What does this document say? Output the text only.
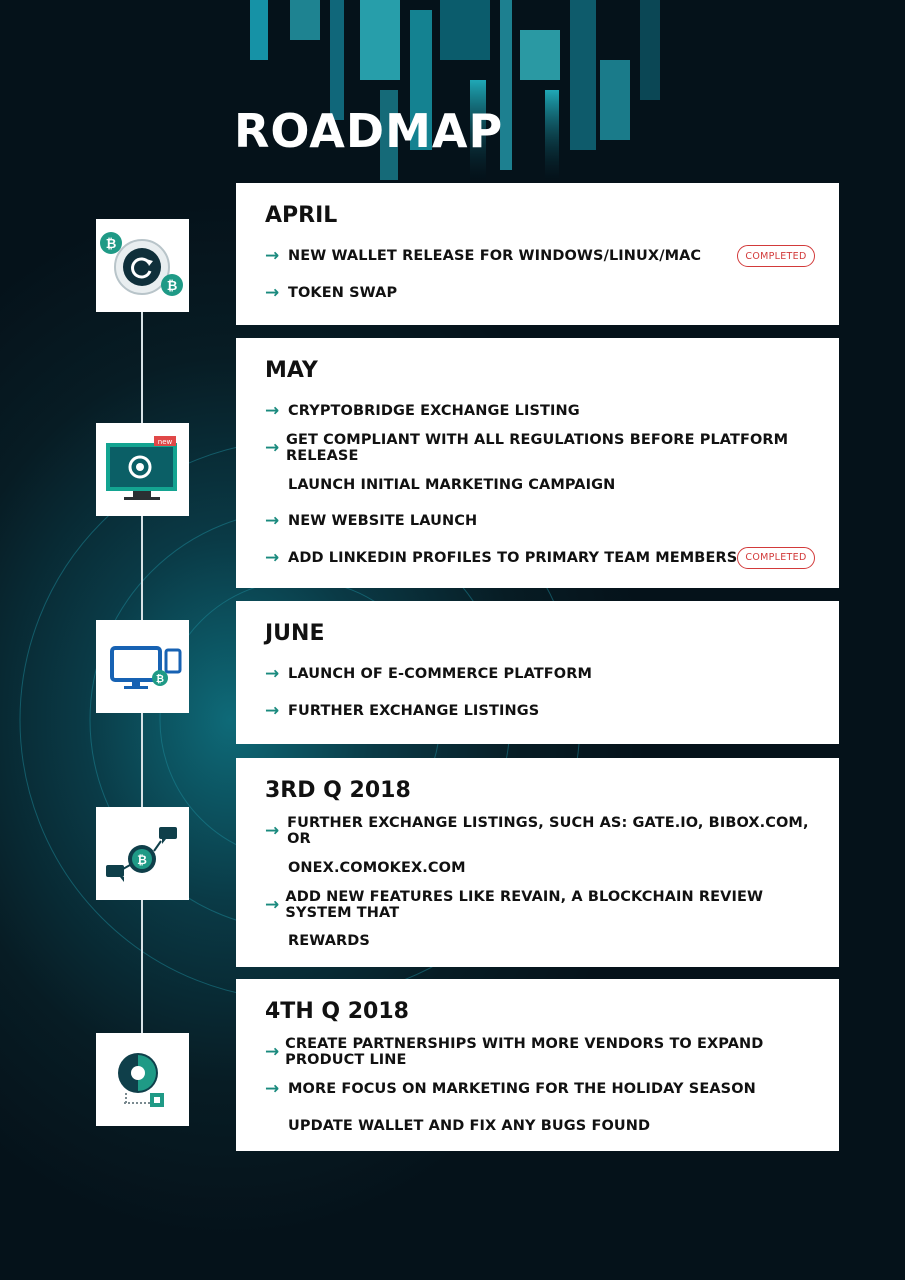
ROADMAP
₿
₿
new
₿
₿
APRIL
→ NEW WALLET RELEASE FOR WINDOWS/LINUX/MAC	COMPLETED
→ TOKEN SWAP
MAY
→ CRYPTOBRIDGE EXCHANGE LISTING
→ GET COMPLIANT WITH ALL REGULATIONS BEFORE PLATFORM RELEASE
LAUNCH INITIAL MARKETING CAMPAIGN
→ NEW WEBSITE LAUNCH
→ ADD LINKEDIN PROFILES TO PRIMARY TEAM MEMBERS COMPLETED
JUNE
→ LAUNCH OF E-COMMERCE PLATFORM
→ FURTHER EXCHANGE LISTINGS
3RD Q 2018
→ FURTHER EXCHANGE LISTINGS, SUCH AS: GATE.IO, BIBOX.COM, OR
ONEX.COMOKEX.COM
→ ADD NEW FEATURES LIKE REVAIN, A BLOCKCHAIN REVIEW SYSTEM THAT
REWARDS
4TH Q 2018
→ CREATE PARTNERSHIPS WITH MORE VENDORS TO EXPAND PRODUCT LINE
→ MORE FOCUS ON MARKETING FOR THE HOLIDAY SEASON
UPDATE WALLET AND FIX ANY BUGS FOUND
